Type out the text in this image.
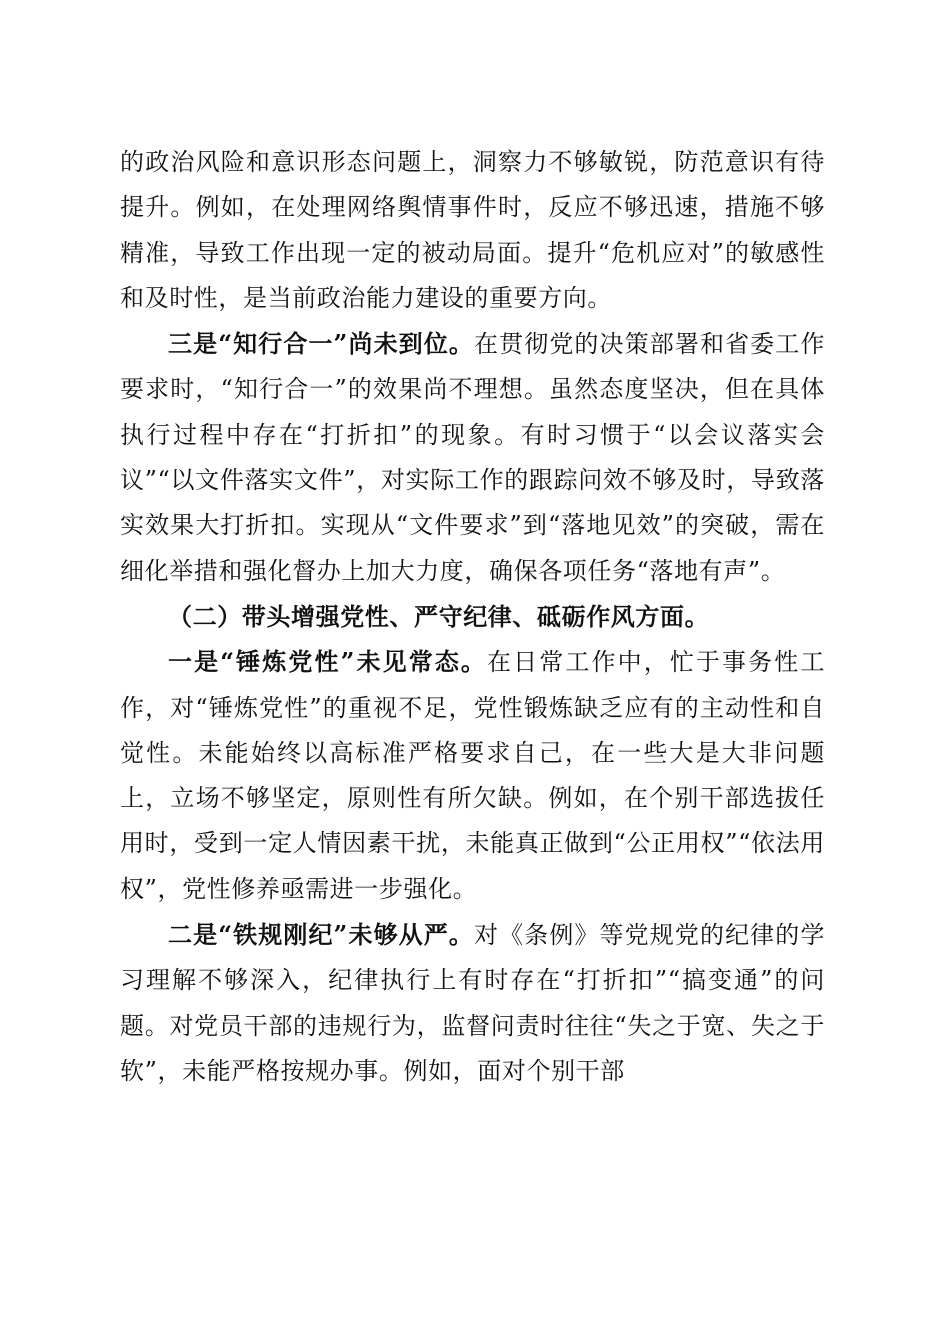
的政治风险和意识形态问题上，洞察力不够敏锐，防范意识有待提升。例如，在处理网络舆情事件时，反应不够迅速，措施不够精准，导致工作出现一定的被动局面。提升“危机应对”的敏感性和及时性，是当前政治能力建设的重要方向。

三是“知行合一”尚未到位。在贯彻党的决策部署和省委工作要求时，“知行合一”的效果尚不理想。虽然态度坚决，但在具体执行过程中存在“打折扣”的现象。有时习惯于“以会议落实会议”“以文件落实文件”，对实际工作的跟踪问效不够及时，导致落实效果大打折扣。实现从“文件要求”到“落地见效”的突破，需在细化举措和强化督办上加大力度，确保各项任务“落地有声”。

（二）带头增强党性、严守纪律、砥砺作风方面。

一是“锤炼党性”未见常态。在日常工作中，忙于事务性工作，对“锤炼党性”的重视不足，党性锻炼缺乏应有的主动性和自觉性。未能始终以高标准严格要求自己，在一些大是大非问题上，立场不够坚定，原则性有所欠缺。例如，在个别干部选拔任用时，受到一定人情因素干扰，未能真正做到“公正用权”“依法用权”，党性修养亟需进一步强化。

二是“铁规刚纪”未够从严。对《条例》等党规党的纪律的学习理解不够深入，纪律执行上有时存在“打折扣”“搞变通”的问题。对党员干部的违规行为，监督问责时往往“失之于宽、失之于软”，未能严格按规办事。例如，面对个别干部
